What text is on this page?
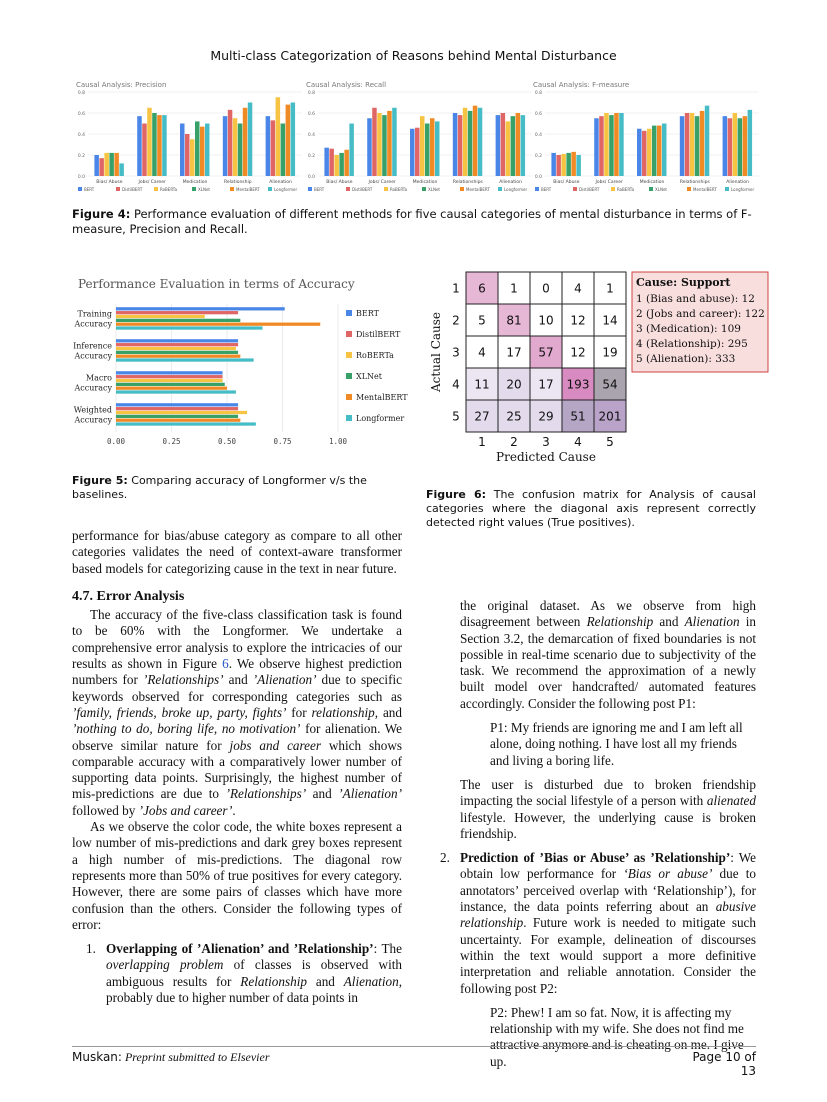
Multi-class Categorization of Reasons behind Mental Disturbance
Causal Analysis: Precision
0.0
0.2
0.4
0.6
0.8
Bias/ Abuse	Jobs/ Career	Medication	Relationship	Alienation
BERT	DistilBERT	RoBERTa	XLNet	MentalBERT	Longformer
Causal Analysis: Recall
0.0
0.2
0.4
0.6
0.8
Bias/ Abuse	Jobs/ Career	Medication	Relationships	Alienation
BERT	DistilBERT	RoBERTa	XLNet	MentalBERT	Longformer
Causal Analysis: F-measure
0.0
0.2
0.4
0.6
0.8
Bias/ Abuse	Jobs/ Career	Medication	Relationships	Alienation
BERT	DistilBERT	RoBERTa	XLNet	MentalBERT	Longformer
Figure 4: Performance evaluation of different methods for five causal categories of mental disturbance in terms of F-measure, Precision and Recall.
Performance Evaluation in terms of Accuracy
0.00	0.25	0.50	0.75	1.00
Training
Accuracy
Inference
Accuracy
Macro
Accuracy
Weighted
Accuracy
BERT
DistilBERT
RoBERTa
XLNet
MentalBERT
Longformer
Figure 5: Comparing accuracy of Longformer v/s the baselines.
6 1 0 4 1
5 81 10 12 14
4 17 57 12 19
11 20 17 193 54
27 25 29 51 201
1
2
3
4
5
1 2 3 4 5
Predicted Cause
Actual Cause
Cause: Support
1 (Bias and abuse): 12
2 (Jobs and career): 122
3 (Medication): 109
4 (Relationship): 295
5 (Alienation): 333
Figure 6: The confusion matrix for Analysis of causal categories where the diagonal axis represent correctly detected right values (True positives).

performance for bias/abuse category as compare to all other categories validates the need of context-aware transformer based models for categorizing cause in the text in near future.

4.7. Error Analysis

The accuracy of the five-class classification task is found to be 60% with the Longformer. We undertake a comprehensive error analysis to explore the intricacies of our results as shown in Figure 6. We observe highest prediction numbers for ’Relationships’ and ’Alienation’ due to specific keywords observed for corresponding categories such as ’family, friends, broke up, party, fights’ for relationship, and ’nothing to do, boring life, no motivation’ for alienation. We observe similar nature for jobs and career which shows comparable accuracy with a comparatively lower number of supporting data points. Surprisingly, the highest number of mis-predictions are due to ’Relationships’ and ’Alienation’ followed by ’Jobs and career’.

As we observe the color code, the white boxes represent a low number of mis-predictions and dark grey boxes represent a high number of mis-predictions. The diagonal row represents more than 50% of true positives for every category. However, there are some pairs of classes which have more confusion than the others. Consider the following types of error:

1. Overlapping of ’Alienation’ and ’Relationship’: The overlapping problem of classes is observed with ambiguous results for Relationship and Alienation, probably due to higher number of data points in

the original dataset. As we observe from high disagreement between Relationship and Alienation in Section 3.2, the demarcation of fixed boundaries is not possible in real-time scenario due to subjectivity of the task. We recommend the approximation of a newly built model over handcrafted/ automated features accordingly. Consider the following post P1:

P1: My friends are ignoring me and I am left all alone, doing nothing. I have lost all my friends and living a boring life.

The user is disturbed due to broken friendship impacting the social lifestyle of a person with alienated lifestyle. However, the underlying cause is broken friendship.

2. Prediction of ’Bias or Abuse’ as ’Relationship’: We obtain low performance for ‘Bias or abuse’ due to annotators’ perceived overlap with ‘Relationship’), for instance, the data points referring about an abusive relationship. Future work is needed to mitigate such uncertainty. For example, delineation of discourses within the text would support a more definitive interpretation and reliable annotation. Consider the following post P2:

P2: Phew! I am so fat. Now, it is affecting my relationship with my wife. She does not find me attractive anymore and is cheating on me. I give up.

Muskan: Preprint submitted to Elsevier	Page 10 of 13
